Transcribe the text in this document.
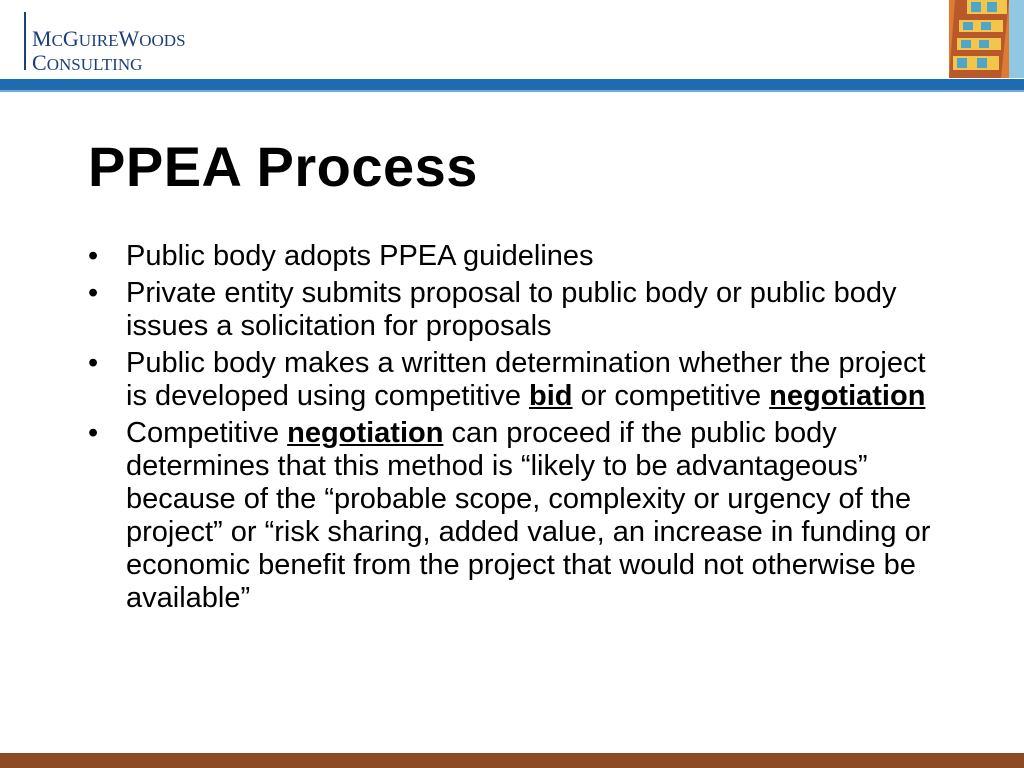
MCGUIREWOODS
CONSULTING
PPEA Process
• Public body adopts PPEA guidelines
• Private entity submits proposal to public body or public body issues a solicitation for proposals
• Public body makes a written determination whether the project is developed using competitive bid or competitive negotiation
• Competitive negotiation can proceed if the public body determines that this method is “likely to be advantageous” because of the “probable scope, complexity or urgency of the project” or “risk sharing, added value, an increase in funding or economic benefit from the project that would not otherwise be available”
